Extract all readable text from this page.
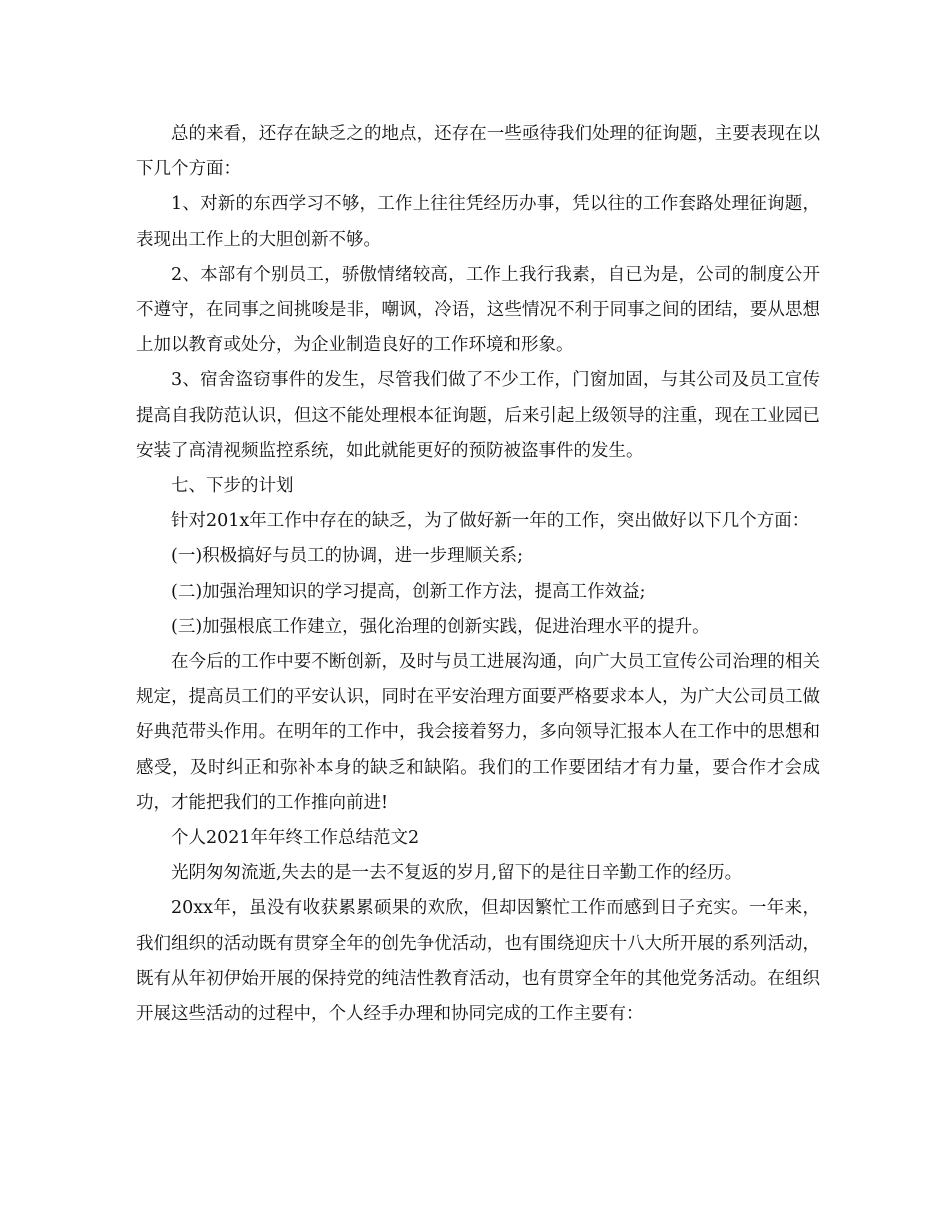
总的来看，还存在缺乏之的地点，还存在一些亟待我们处理的征询题，主要表现在以下几个方面：

1、对新的东西学习不够，工作上往往凭经历办事，凭以往的工作套路处理征询题，表现出工作上的大胆创新不够。

2、本部有个别员工，骄傲情绪较高，工作上我行我素，自已为是，公司的制度公开不遵守，在同事之间挑唆是非，嘲讽，冷语，这些情况不利于同事之间的团结，要从思想上加以教育或处分，为企业制造良好的工作环境和形象。

3、宿舍盗窃事件的发生，尽管我们做了不少工作，门窗加固，与其公司及员工宣传提高自我防范认识，但这不能处理根本征询题，后来引起上级领导的注重，现在工业园已安装了高清视频监控系统，如此就能更好的预防被盗事件的发生。

七、下步的计划

针对201x年工作中存在的缺乏，为了做好新一年的工作，突出做好以下几个方面：

(一)积极搞好与员工的协调，进一步理顺关系;

(二)加强治理知识的学习提高，创新工作方法，提高工作效益;

(三)加强根底工作建立，强化治理的创新实践，促进治理水平的提升。

在今后的工作中要不断创新，及时与员工进展沟通，向广大员工宣传公司治理的相关规定，提高员工们的平安认识，同时在平安治理方面要严格要求本人，为广大公司员工做好典范带头作用。在明年的工作中，我会接着努力，多向领导汇报本人在工作中的思想和感受，及时纠正和弥补本身的缺乏和缺陷。我们的工作要团结才有力量，要合作才会成功，才能把我们的工作推向前进!

个人2021年年终工作总结范文2

光阴匆匆流逝,失去的是一去不复返的岁月,留下的是往日辛勤工作的经历。

20xx年，虽没有收获累累硕果的欢欣，但却因繁忙工作而感到日子充实。一年来，我们组织的活动既有贯穿全年的创先争优活动，也有围绕迎庆十八大所开展的系列活动，既有从年初伊始开展的保持党的纯洁性教育活动，也有贯穿全年的其他党务活动。在组织开展这些活动的过程中，个人经手办理和协同完成的工作主要有：
